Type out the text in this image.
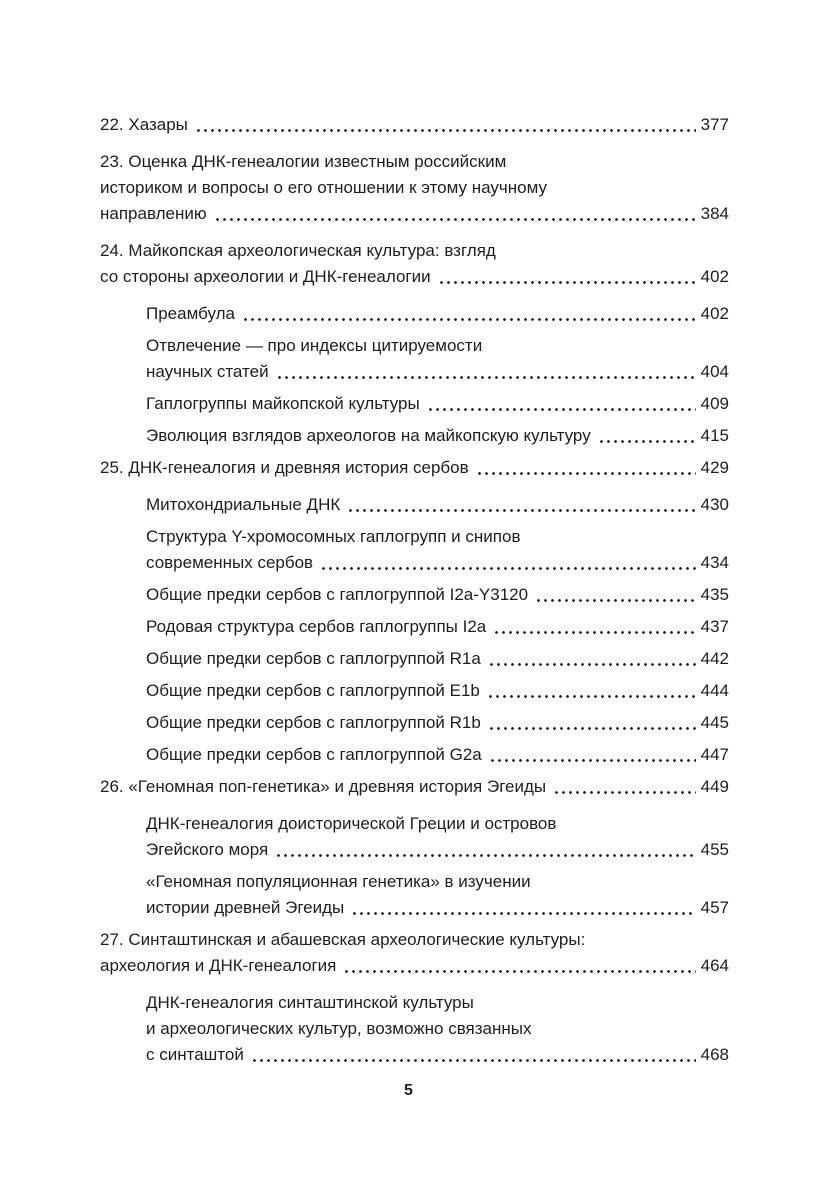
22. Хазары	377
23. Оценка ДНК-генеалогии известным российским
историком и вопросы о его отношении к этому научному
направлению	384
24. Майкопская археологическая культура: взгляд
со стороны археологии и ДНК-генеалогии	402
Преамбула	402
Отвлечение — про индексы цитируемости
научных статей	404
Гаплогруппы майкопской культуры	409
Эволюция взглядов археологов на майкопскую культуру	415
25. ДНК-генеалогия и древняя история сербов	429
Митохондриальные ДНК	430
Структура Y-хромосомных гаплогрупп и снипов
современных сербов	434
Общие предки сербов с гаплогруппой I2a-Y3120	435
Родовая структура сербов гаплогруппы I2a	437
Общие предки сербов с гаплогруппой R1a	442
Общие предки сербов с гаплогруппой E1b	444
Общие предки сербов с гаплогруппой R1b	445
Общие предки сербов с гаплогруппой G2a	447
26. «Геномная поп-генетика» и древняя история Эгеиды	449
ДНК-генеалогия доисторической Греции и островов
Эгейского моря	455
«Геномная популяционная генетика» в изучении
истории древней Эгеиды	457
27. Синташтинская и абашевская археологические культуры:
археология и ДНК-генеалогия	464
ДНК-генеалогия синташтинской культуры
и археологических культур, возможно связанных
с синташтой	468
5
